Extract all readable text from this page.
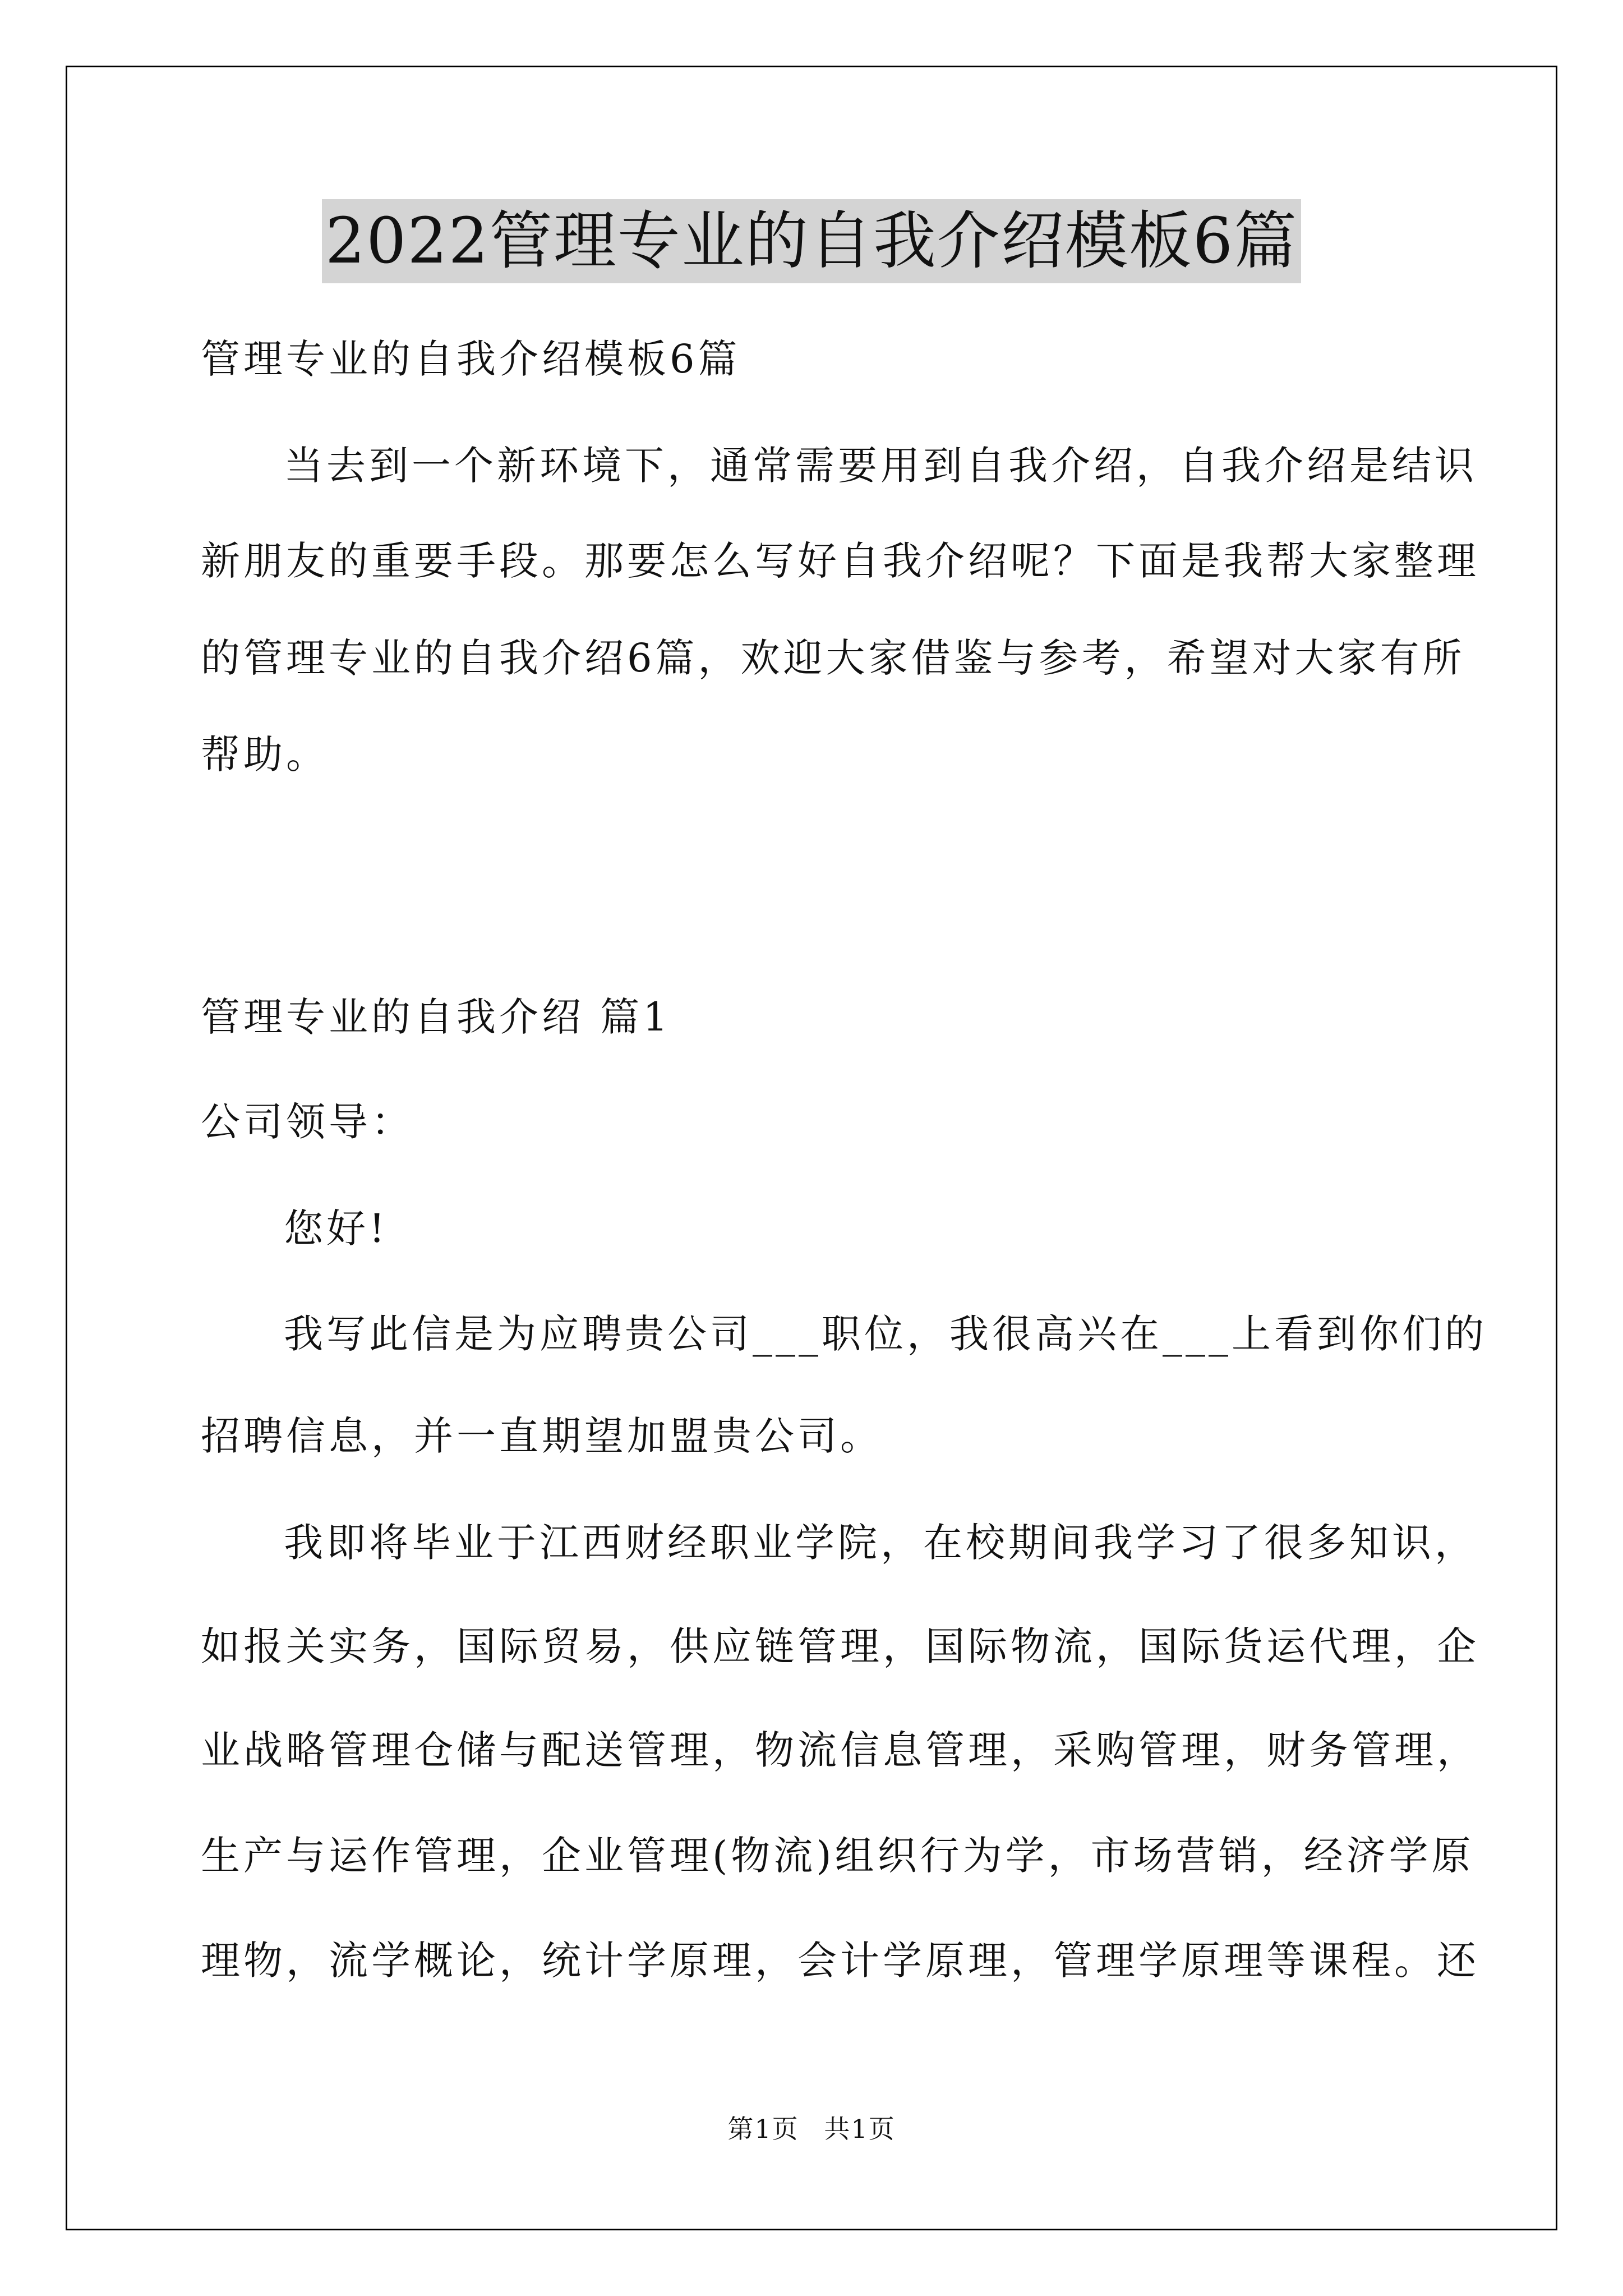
2022管理专业的自我介绍模板6篇
管理专业的自我介绍模板6篇
当去到一个新环境下，通常需要用到自我介绍，自我介绍是结识
新朋友的重要手段。那要怎么写好自我介绍呢？下面是我帮大家整理
的管理专业的自我介绍6篇，欢迎大家借鉴与参考，希望对大家有所
帮助。
管理专业的自我介绍 篇1
公司领导：
您好!
我写此信是为应聘贵公司___职位，我很高兴在___上看到你们的
招聘信息，并一直期望加盟贵公司。
我即将毕业于江西财经职业学院，在校期间我学习了很多知识，
如报关实务，国际贸易，供应链管理，国际物流，国际货运代理，企
业战略管理仓储与配送管理，物流信息管理，采购管理，财务管理，
生产与运作管理，企业管理(物流)组织行为学，市场营销，经济学原
理物，流学概论，统计学原理，会计学原理，管理学原理等课程。还
第1页 共1页
